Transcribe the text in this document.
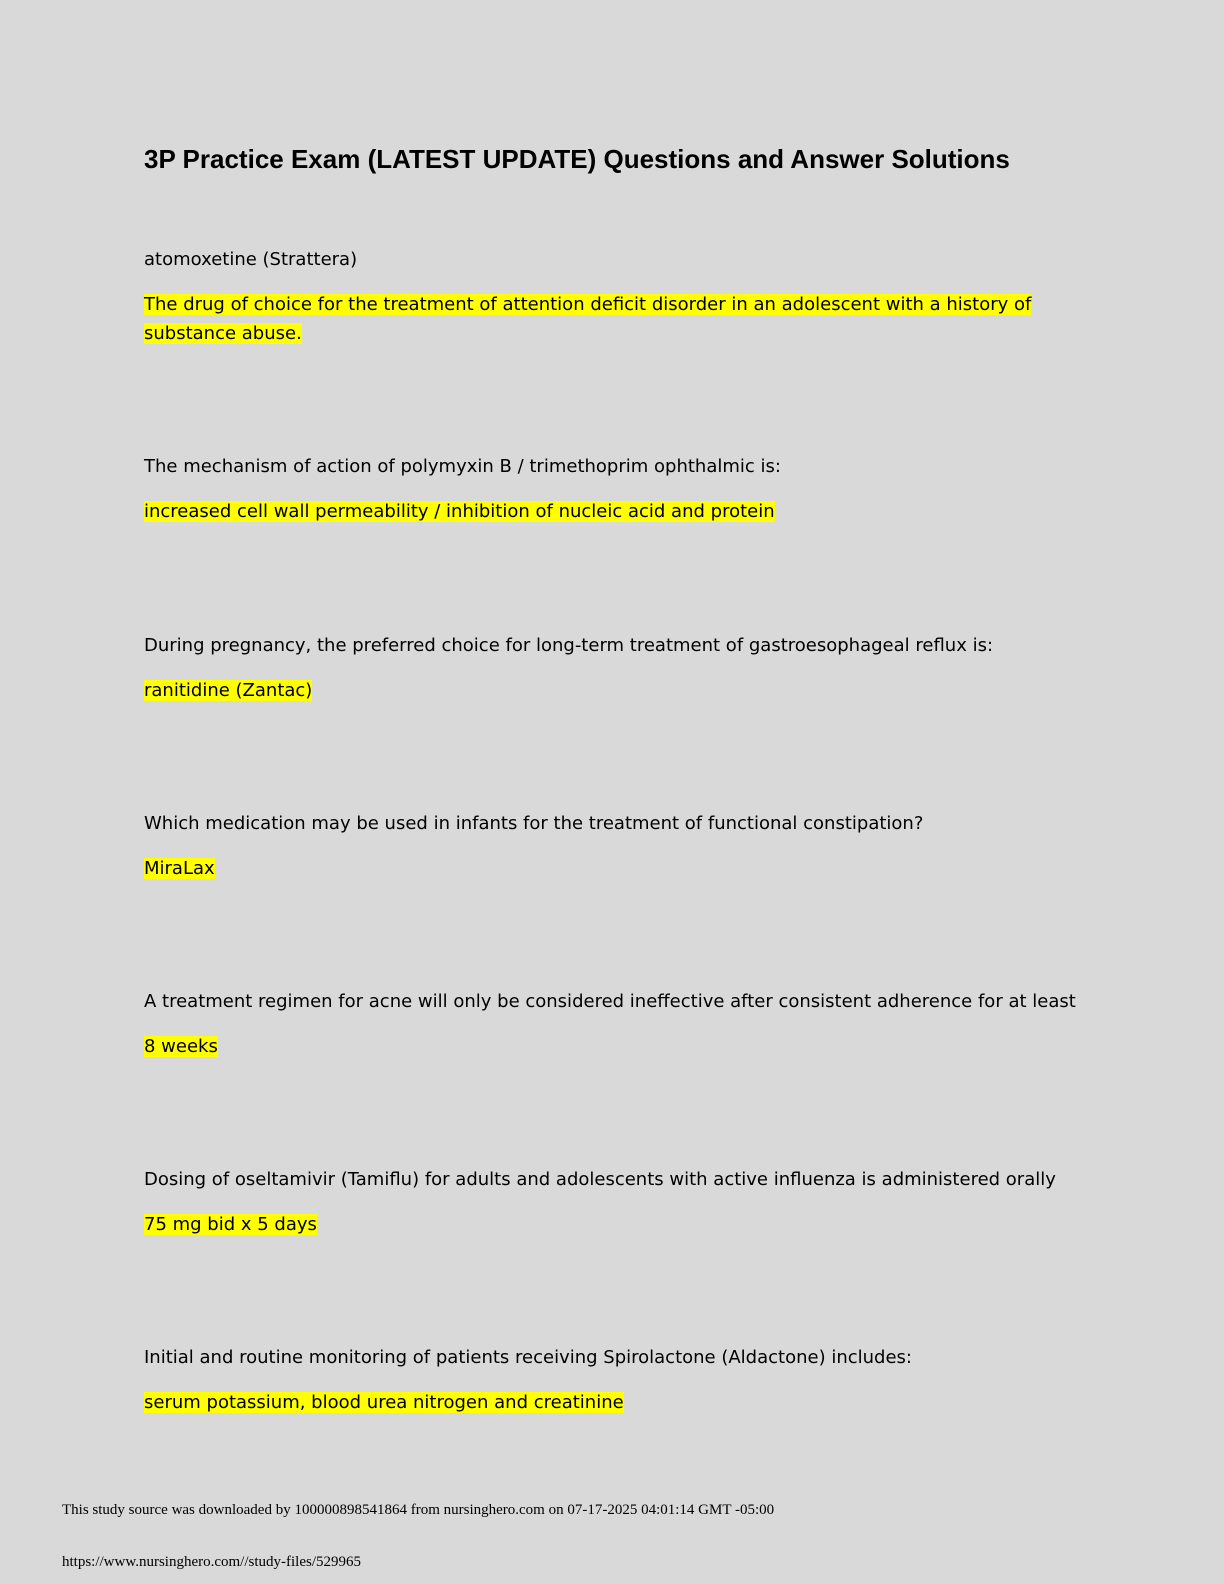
3P Practice Exam (LATEST UPDATE) Questions and Answer Solutions

atomoxetine (Strattera)

The drug of choice for the treatment of attention deficit disorder in an adolescent with a history of substance abuse.

The mechanism of action of polymyxin B / trimethoprim ophthalmic is:

increased cell wall permeability / inhibition of nucleic acid and protein

During pregnancy, the preferred choice for long-term treatment of gastroesophageal reflux is:

ranitidine (Zantac)

Which medication may be used in infants for the treatment of functional constipation?

MiraLax

A treatment regimen for acne will only be considered ineffective after consistent adherence for at least

8 weeks

Dosing of oseltamivir (Tamiflu) for adults and adolescents with active influenza is administered orally

75 mg bid x 5 days

Initial and routine monitoring of patients receiving Spirolactone (Aldactone) includes:

serum potassium, blood urea nitrogen and creatinine

This study source was downloaded by 100000898541864 from nursinghero.com on 07-17-2025 04:01:14 GMT -05:00

https://www.nursinghero.com//study-files/529965
